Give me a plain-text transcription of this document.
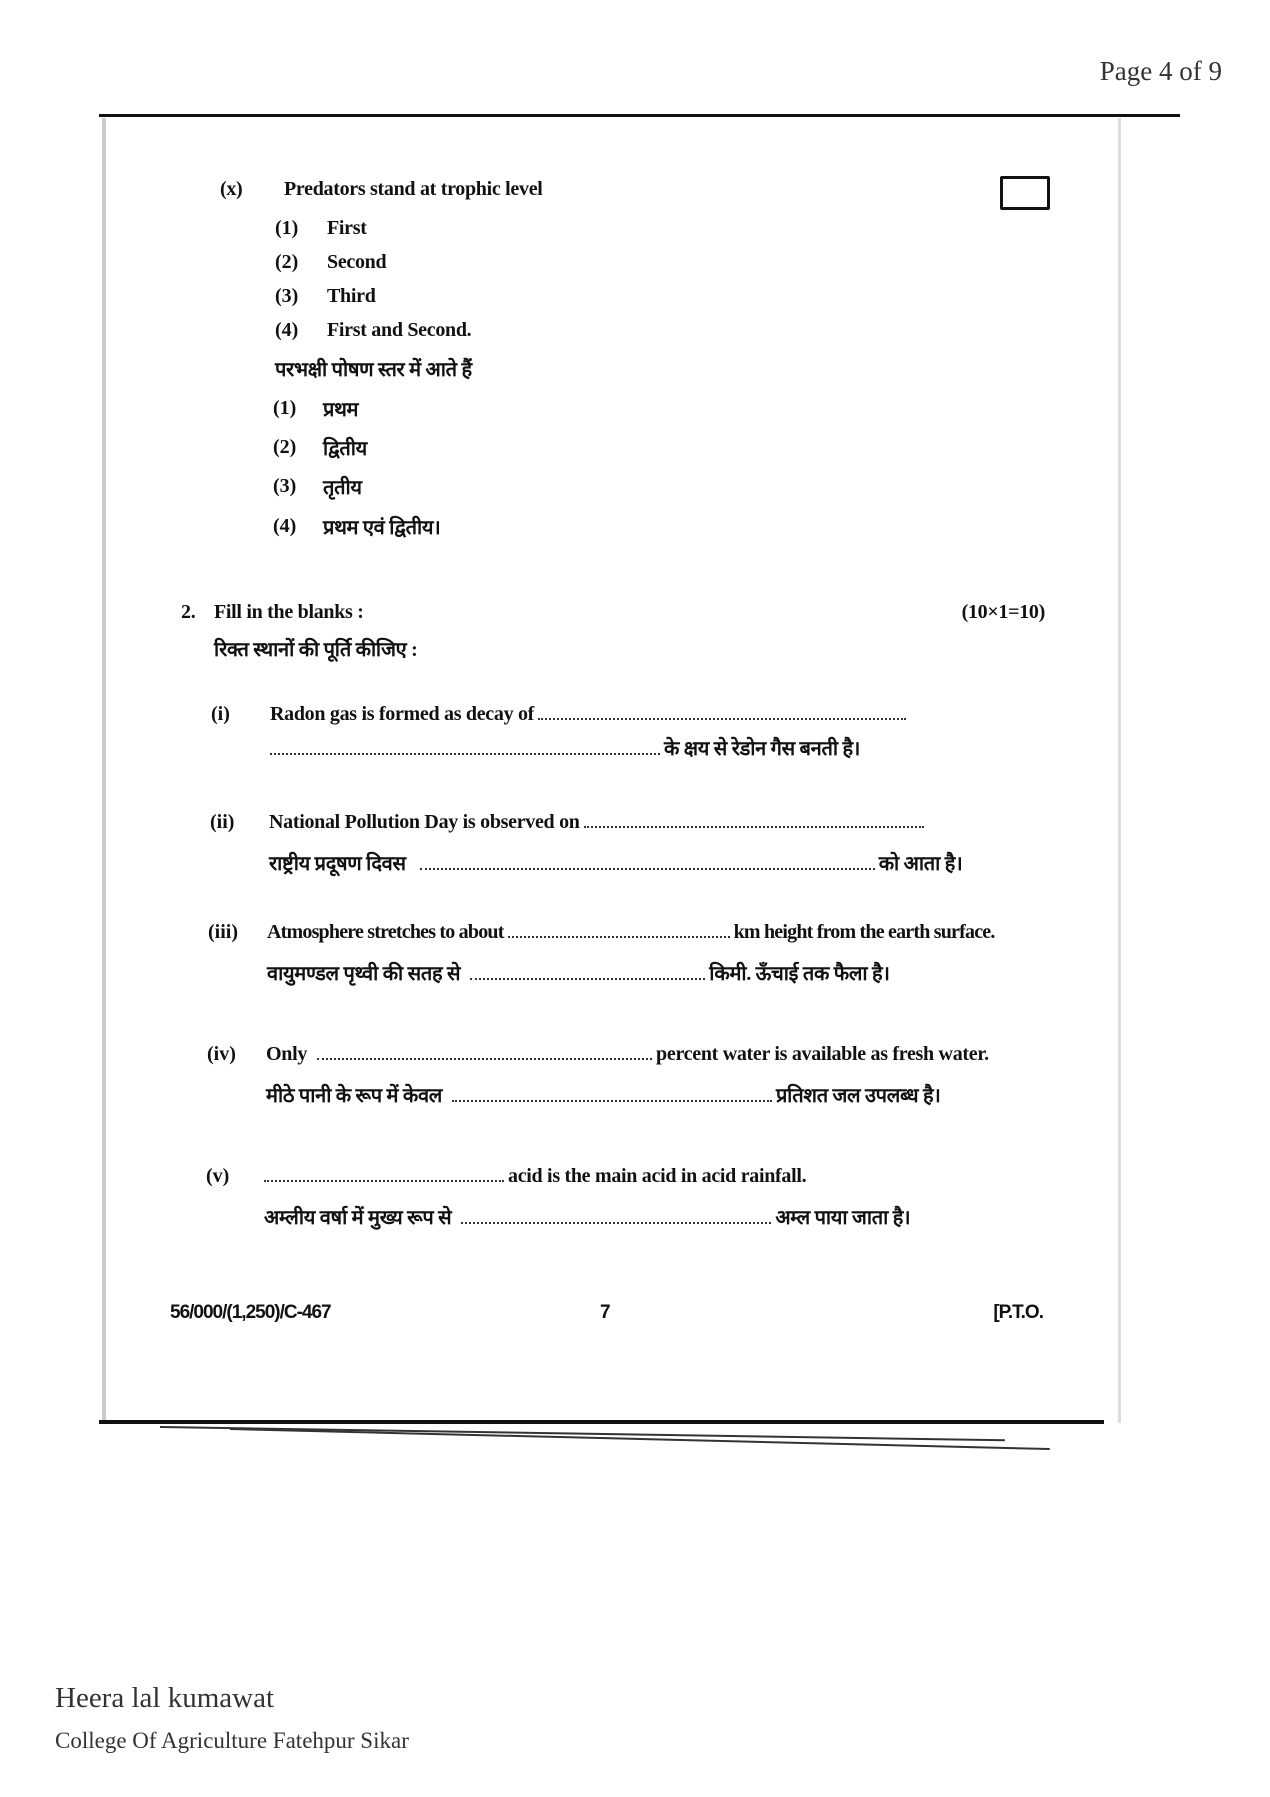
Page 4 of 9
(x) Predators stand at trophic level
(1) First
(2) Second
(3) Third
(4) First and Second.
परभक्षी पोषण स्तर में आते हैं
(1) प्रथम
(2) द्वितीय
(3) तृतीय
(4) प्रथम एवं द्वितीय।
2. Fill in the blanks :	(10×1=10)
रिक्त स्थानों की पूर्ति कीजिए :
(i) Radon gas is formed as decay of
के क्षय से रेडोन गैस बनती है।
(ii) National Pollution Day is observed on
राष्ट्रीय प्रदूषण दिवस	को आता है।
(iii) Atmosphere stretches to about	km height from the earth surface.
वायुमण्डल पृथ्वी की सतह से	किमी. ऊँचाई तक फैला है।
(iv) Only	percent water is available as fresh water.
मीठे पानी के रूप में केवल	प्रतिशत जल उपलब्ध है।
(v)	acid is the main acid in acid rainfall.
अम्लीय वर्षा में मुख्य रूप से	अम्ल पाया जाता है।
56/000/(1,250)/C-467	7	[P.T.O.
Heera lal kumawat
College Of Agriculture Fatehpur Sikar
